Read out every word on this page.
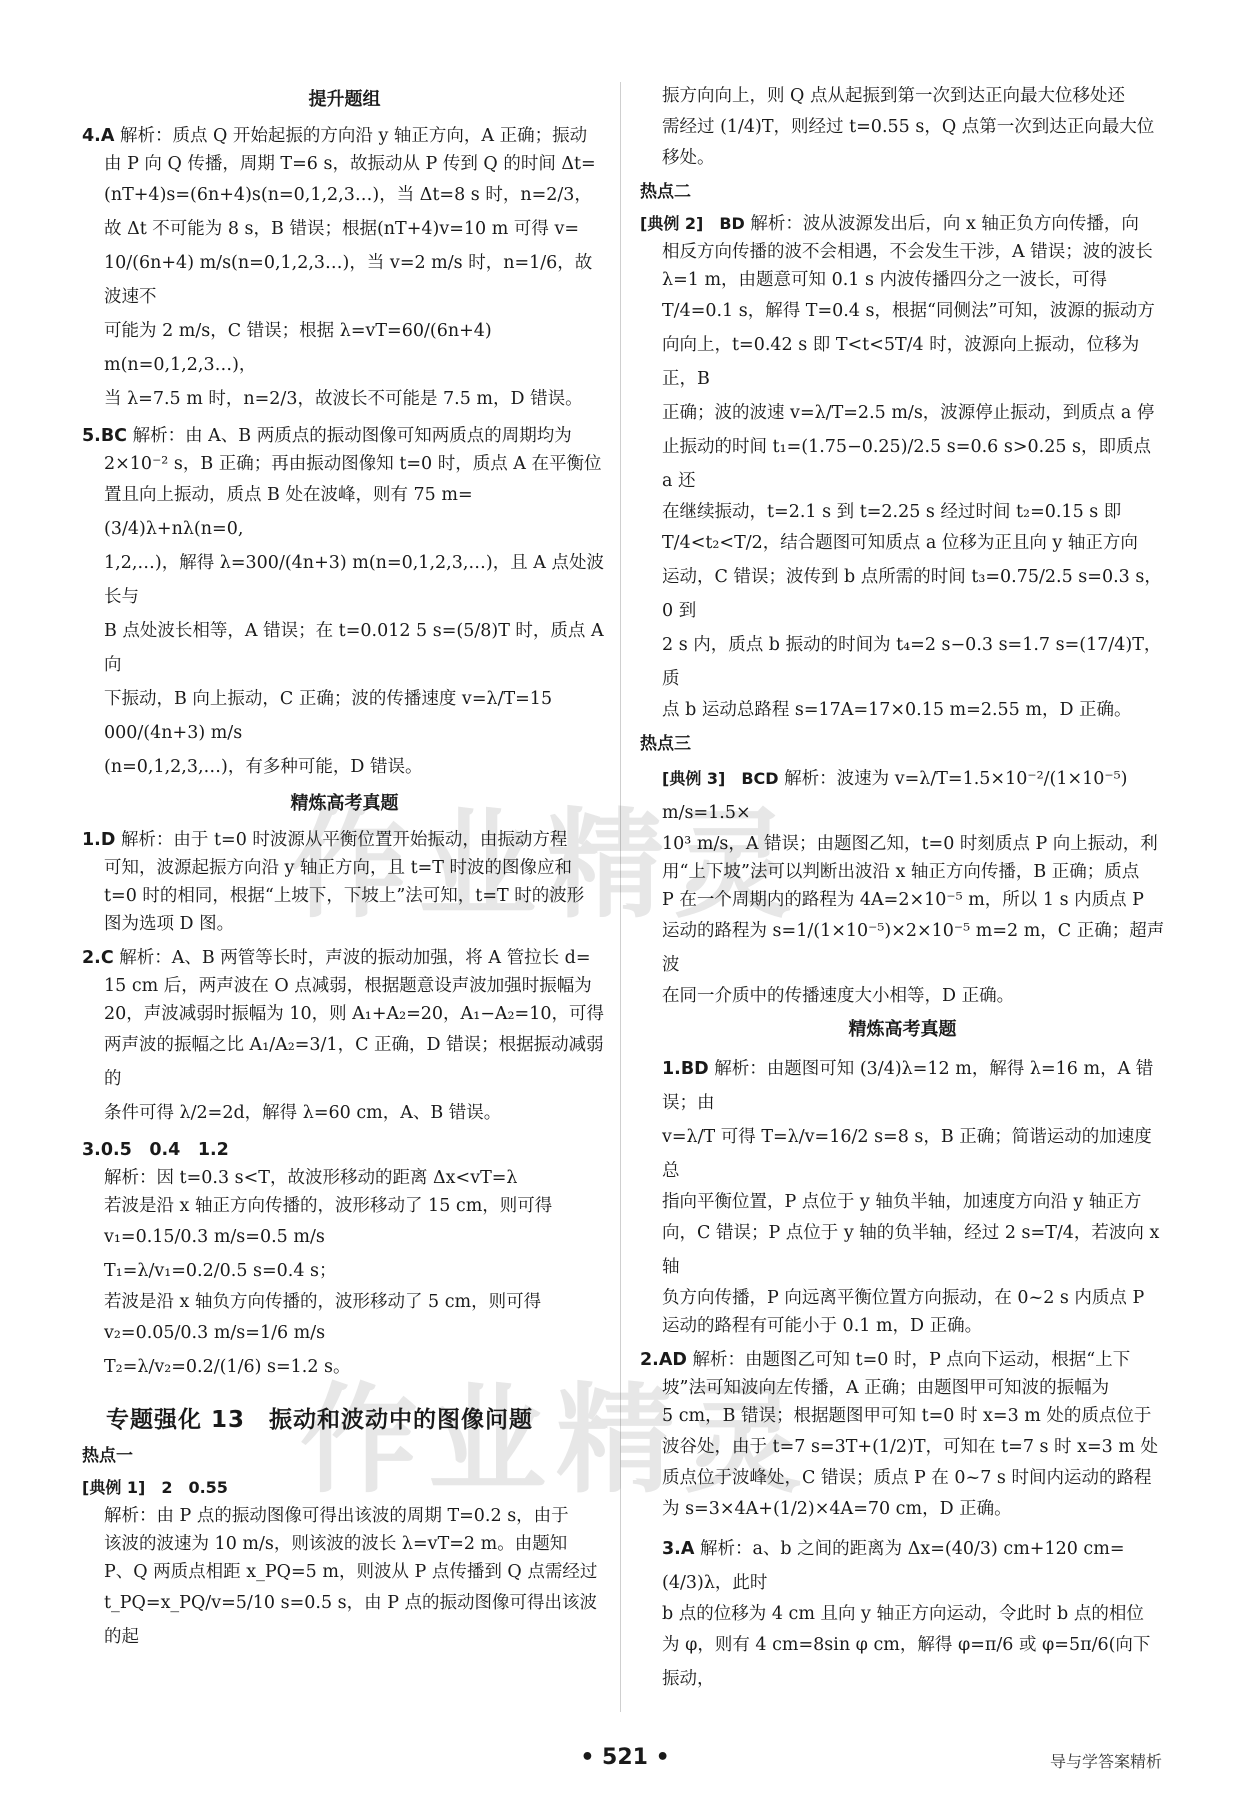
作业精灵
作业精灵
提升题组

4.A 解析：质点 Q 开始起振的方向沿 y 轴正方向，A 正确；振动

由 P 向 Q 传播，周期 T=6 s，故振动从 P 传到 Q 的时间 Δt=

(nT+4)s=(6n+4)s(n=0,1,2,3…)，当 Δt=8 s 时，n=2/3，

故 Δt 不可能为 8 s，B 错误；根据(nT+4)v=10 m 可得 v=

10/(6n+4) m/s(n=0,1,2,3…)，当 v=2 m/s 时，n=1/6，故波速不

可能为 2 m/s，C 错误；根据 λ=vT=60/(6n+4) m(n=0,1,2,3…)，

当 λ=7.5 m 时，n=2/3，故波长不可能是 7.5 m，D 错误。

5.BC 解析：由 A、B 两质点的振动图像可知两质点的周期均为

2×10⁻² s，B 正确；再由振动图像知 t=0 时，质点 A 在平衡位

置且向上振动，质点 B 处在波峰，则有 75 m=(3/4)λ+nλ(n=0,

1,2,…)，解得 λ=300/(4n+3) m(n=0,1,2,3,…)，且 A 点处波长与

B 点处波长相等，A 错误；在 t=0.012 5 s=(5/8)T 时，质点 A 向

下振动，B 向上振动，C 正确；波的传播速度 v=λ/T=15 000/(4n+3) m/s

(n=0,1,2,3,…)，有多种可能，D 错误。

精炼高考真题

1.D 解析：由于 t=0 时波源从平衡位置开始振动，由振动方程

可知，波源起振方向沿 y 轴正方向，且 t=T 时波的图像应和

t=0 时的相同，根据“上坡下，下坡上”法可知，t=T 时的波形

图为选项 D 图。

2.C 解析：A、B 两管等长时，声波的振动加强，将 A 管拉长 d=

15 cm 后，两声波在 O 点减弱，根据题意设声波加强时振幅为

20，声波减弱时振幅为 10，则 A₁+A₂=20，A₁−A₂=10，可得

两声波的振幅之比 A₁/A₂=3/1，C 正确，D 错误；根据振动减弱的

条件可得 λ/2=2d，解得 λ=60 cm，A、B 错误。

3.0.5　0.4　1.2

解析：因 t=0.3 s<T，故波形移动的距离 Δx<vT=λ

若波是沿 x 轴正方向传播的，波形移动了 15 cm，则可得

v₁=0.15/0.3 m/s=0.5 m/s

T₁=λ/v₁=0.2/0.5 s=0.4 s；

若波是沿 x 轴负方向传播的，波形移动了 5 cm，则可得

v₂=0.05/0.3 m/s=1/6 m/s

T₂=λ/v₂=0.2/(1/6) s=1.2 s。

专题强化 13　振动和波动中的图像问题
热点一

[典例 1]　2　0.55

解析：由 P 点的振动图像可得出该波的周期 T=0.2 s，由于

该波的波速为 10 m/s，则该波的波长 λ=vT=2 m。由题知

P、Q 两质点相距 x_PQ=5 m，则波从 P 点传播到 Q 点需经过

t_PQ=x_PQ/v=5/10 s=0.5 s，由 P 点的振动图像可得出该波的起

振方向向上，则 Q 点从起振到第一次到达正向最大位移处还

需经过 (1/4)T，则经过 t=0.55 s，Q 点第一次到达正向最大位

移处。

热点二

[典例 2]　BD 解析：波从波源发出后，向 x 轴正负方向传播，向

相反方向传播的波不会相遇，不会发生干涉，A 错误；波的波长

λ=1 m，由题意可知 0.1 s 内波传播四分之一波长，可得

T/4=0.1 s，解得 T=0.4 s，根据“同侧法”可知，波源的振动方

向向上，t=0.42 s 即 T<t<5T/4 时，波源向上振动，位移为正，B

正确；波的波速 v=λ/T=2.5 m/s，波源停止振动，到质点 a 停

止振动的时间 t₁=(1.75−0.25)/2.5 s=0.6 s>0.25 s，即质点 a 还

在继续振动，t=2.1 s 到 t=2.25 s 经过时间 t₂=0.15 s 即

T/4<t₂<T/2，结合题图可知质点 a 位移为正且向 y 轴正方向

运动，C 错误；波传到 b 点所需的时间 t₃=0.75/2.5 s=0.3 s，0 到

2 s 内，质点 b 振动的时间为 t₄=2 s−0.3 s=1.7 s=(17/4)T，质

点 b 运动总路程 s=17A=17×0.15 m=2.55 m，D 正确。

热点三

[典例 3]　BCD 解析：波速为 v=λ/T=1.5×10⁻²/(1×10⁻⁵) m/s=1.5×

10³ m/s，A 错误；由题图乙知，t=0 时刻质点 P 向上振动，利

用“上下坡”法可以判断出波沿 x 轴正方向传播，B 正确；质点

P 在一个周期内的路程为 4A=2×10⁻⁵ m，所以 1 s 内质点 P

运动的路程为 s=1/(1×10⁻⁵)×2×10⁻⁵ m=2 m，C 正确；超声波

在同一介质中的传播速度大小相等，D 正确。

精炼高考真题

1.BD 解析：由题图可知 (3/4)λ=12 m，解得 λ=16 m，A 错误；由

v=λ/T 可得 T=λ/v=16/2 s=8 s，B 正确；简谐运动的加速度总

指向平衡位置，P 点位于 y 轴负半轴，加速度方向沿 y 轴正方

向，C 错误；P 点位于 y 轴的负半轴，经过 2 s=T/4，若波向 x 轴

负方向传播，P 向远离平衡位置方向振动，在 0~2 s 内质点 P

运动的路程有可能小于 0.1 m，D 正确。

2.AD 解析：由题图乙可知 t=0 时，P 点向下运动，根据“上下

坡”法可知波向左传播，A 正确；由题图甲可知波的振幅为

5 cm，B 错误；根据题图甲可知 t=0 时 x=3 m 处的质点位于

波谷处，由于 t=7 s=3T+(1/2)T，可知在 t=7 s 时 x=3 m 处

质点位于波峰处，C 错误；质点 P 在 0~7 s 时间内运动的路程

为 s=3×4A+(1/2)×4A=70 cm，D 正确。

3.A 解析：a、b 之间的距离为 Δx=(40/3) cm+120 cm=(4/3)λ，此时

b 点的位移为 4 cm 且向 y 轴正方向运动，令此时 b 点的相位

为 φ，则有 4 cm=8sin φ cm，解得 φ=π/6 或 φ=5π/6(向下振动，

• 521 •	导与学答案精析
